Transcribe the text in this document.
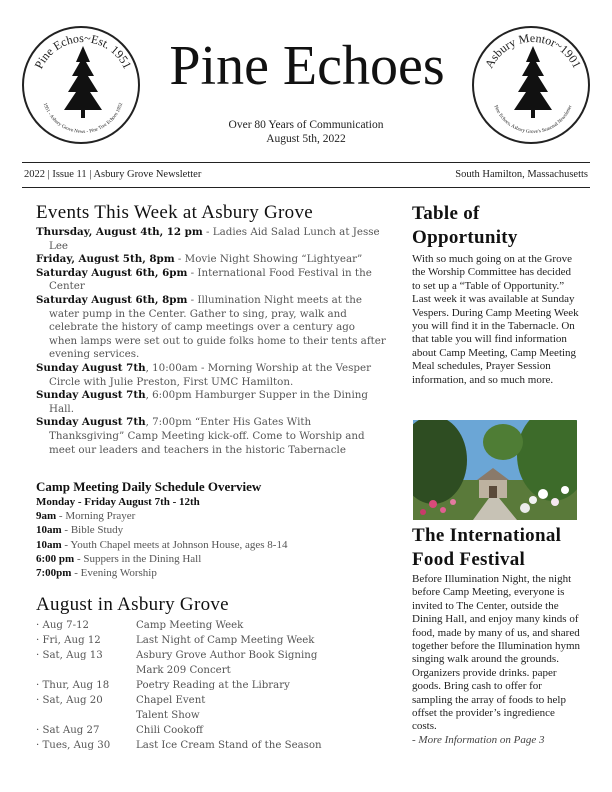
Pine Echos~Est. 1951
1951 - Asbury Grove News - Pine Tree Echoes 1952
Asbury Mentor~1901
Pine Echoes, Asbury Grove's Seasonal Newsletter
Pine Echoes
Over 80 Years of Communication
August 5th, 2022
2022 | Issue 11 | Asbury Grove Newsletter	South Hamilton, Massachusetts
Events This Week at Asbury Grove

Thursday, August 4th, 12 pm - Ladies Aid Salad Lunch at Jesse Lee

Friday, August 5th, 8pm - Movie Night Showing “Lightyear”

Saturday August 6th, 6pm - International Food Festival in the Center

Saturday August 6th, 8pm - Illumination Night meets at the water pump in the Center. Gather to sing, pray, walk and celebrate the history of camp meetings over a century ago when lamps were set out to guide folks home to their tents after evening services.

Sunday August 7th, 10:00am - Morning Worship at the Vesper Circle with Julie Preston, First UMC Hamilton.

Sunday August 7th, 6:00pm Hamburger Supper in the Dining Hall.

Sunday August 7th, 7:00pm “Enter His Gates With Thanksgiving” Camp Meeting kick-off. Come to Worship and meet our leaders and teachers in the historic Tabernacle

Camp Meeting Daily Schedule Overview
Monday - Friday August 7th - 12th
9am - Morning Prayer
10am - Bible Study
10am - Youth Chapel meets at Johnson House, ages 8-14
6:00 pm - Suppers in the Dining Hall
7:00pm - Evening Worship
August in Asbury Grove
· Aug 7-12	Camp Meeting Week
· Fri, Aug 12	Last Night of Camp Meeting Week
· Sat, Aug 13	Asbury Grove Author Book Signing
Mark 209 Concert
· Thur, Aug 18	Poetry Reading at the Library
· Sat, Aug 20	Chapel Event
Talent Show
· Sat Aug 27	Chili Cookoff
· Tues, Aug 30	Last Ice Cream Stand of the Season
Table of
Opportunity

With so much going on at the Grove the Worship Committee has decided to set up a “Table of Opportunity.” Last week it was available at Sunday Vespers. During Camp Meeting Week you will find it in the Tabernacle. On that table you will find information about Camp Meeting, Camp Meeting Meal schedules, Prayer Session information, and so much more.

The International
Food Festival

Before Illumination Night, the night before Camp Meeting, everyone is invited to The Center, outside the Dining Hall, and enjoy many kinds of food, made by many of us, and shared together before the Illumination hymn singing walk around the grounds. Organizers provide drinks. paper goods. Bring cash to offer for sampling the array of foods to help offset the provider’s ingredience costs.

- More Information on Page 3
